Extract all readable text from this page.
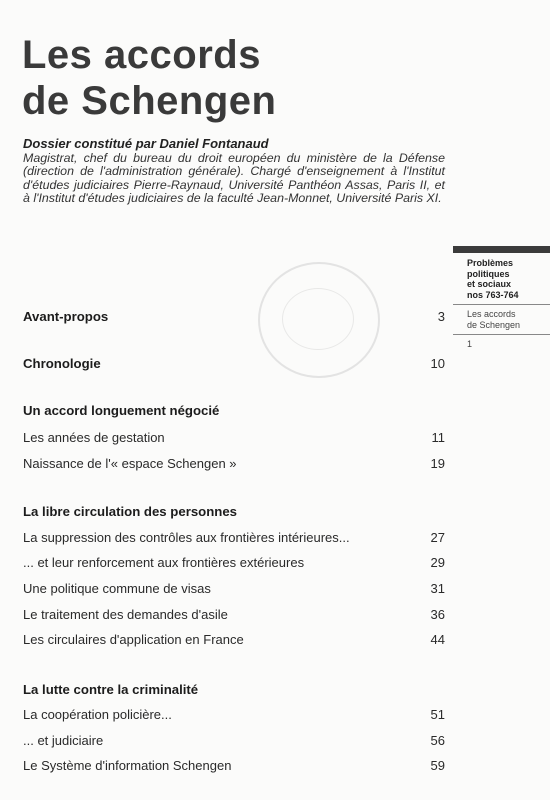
Les accords
de Schengen

Dossier constitué par Daniel Fontanaud

Magistrat, chef du bureau du droit européen du ministère de la Défense (direction de l'administration générale). Chargé d'enseignement à l'Institut d'études judiciaires Pierre-Raynaud, Université Panthéon Assas, Paris II, et à l'Institut d'études judiciaires de la faculté Jean-Monnet, Université Paris XI.

Problèmes
politiques
et sociaux
nos 763-764
Les accords
de Schengen
1
Avant-propos	3
Chronologie	10
Un accord longuement négocié
Les années de gestation	11
Naissance de l'« espace Schengen »	19
La libre circulation des personnes
La suppression des contrôles aux frontières intérieures...	27
... et leur renforcement aux frontières extérieures	29
Une politique commune de visas	31
Le traitement des demandes d'asile	36
Les circulaires d'application en France	44
La lutte contre la criminalité
La coopération policière...	51
... et judiciaire	56
Le Système d'information Schengen	59
